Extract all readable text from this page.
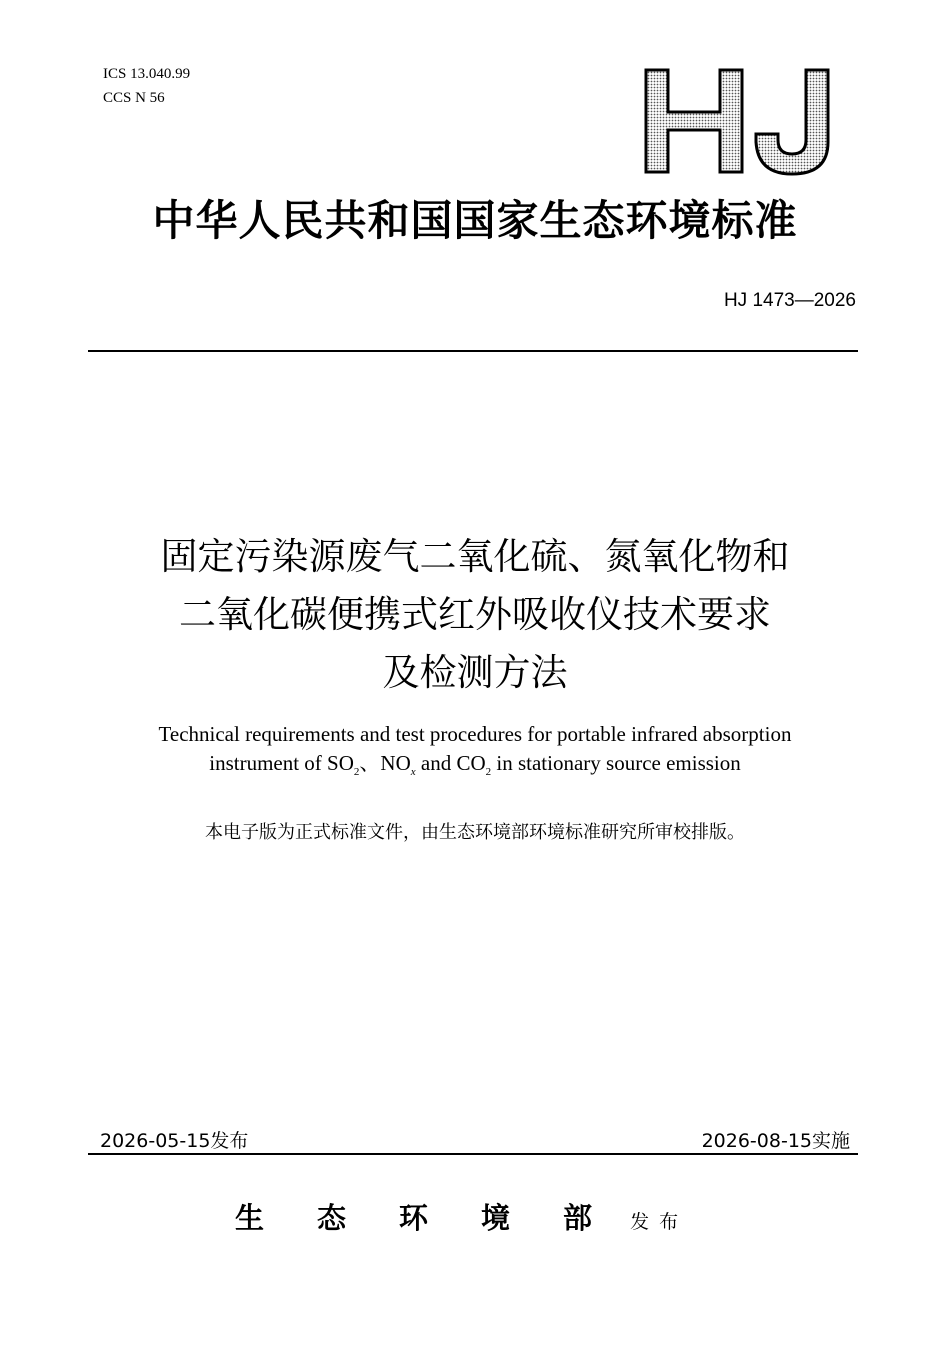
ICS 13.040.99
CCS N 56
中华人民共和国国家生态环境标准
HJ 1473—2026
固定污染源废气二氧化硫、氮氧化物和
二氧化碳便携式红外吸收仪技术要求
及检测方法
Technical requirements and test procedures for portable infrared absorption
instrument of $SO_2$、$NO_x$ and $CO_2$ in stationary source emission
本电子版为正式标准文件，由生态环境部环境标准研究所审校排版。
2026-05-15发布	2026-08-15实施
生态环境部 发布
